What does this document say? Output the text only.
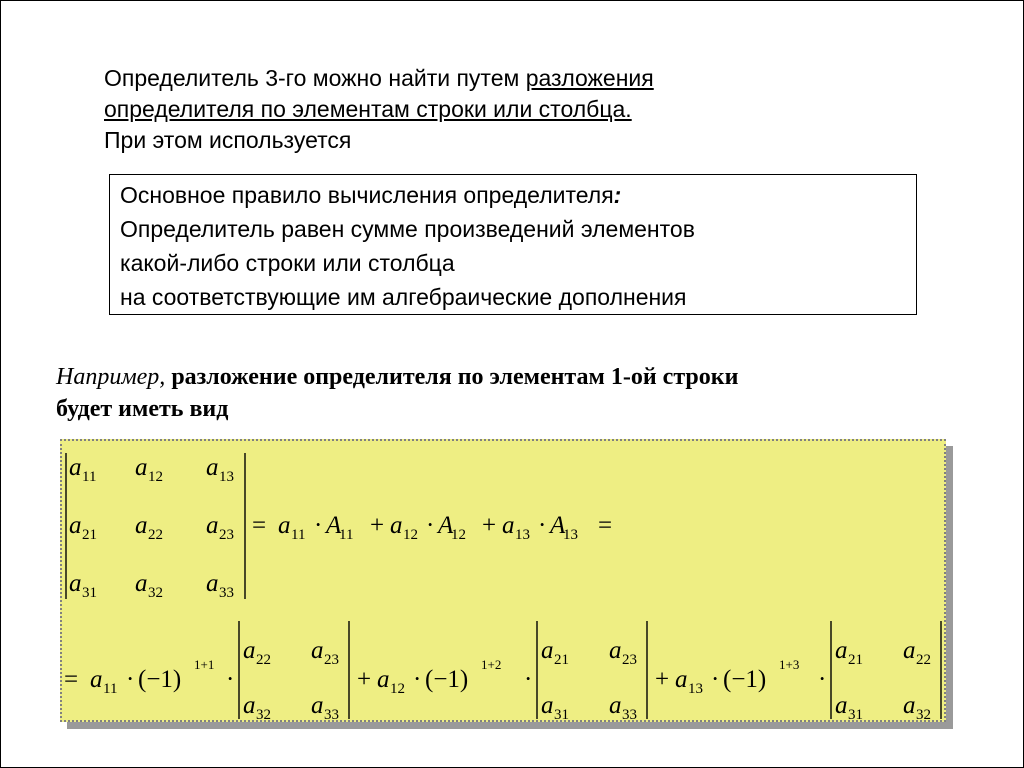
Определитель 3-го можно найти путем разложения
определителя по элементам строки или столбца.
При этом используется
Основное правило вычисления определителя:
Определитель равен сумме произведений элементов
какой-либо строки или столбца
на соответствующие им алгебраические дополнения
Например, разложение определителя по элементам 1-ой строки
будет иметь вид
a 11 a 12 a 13
a 21 a 22 a 23
a 31 a 32 a 33
= a 11 · A
11 + a 12 · A
12 + a 13 · A
13 =
= a 11 · (−1)
1+1
·
a 22 a 23
a 32 a 33
+ a 12 · (−1)
1+2
·
a 21 a 23
a 31 a 33
+ a 13 · (−1)
1+3
·
a 21 a 22
a 31 a 32
